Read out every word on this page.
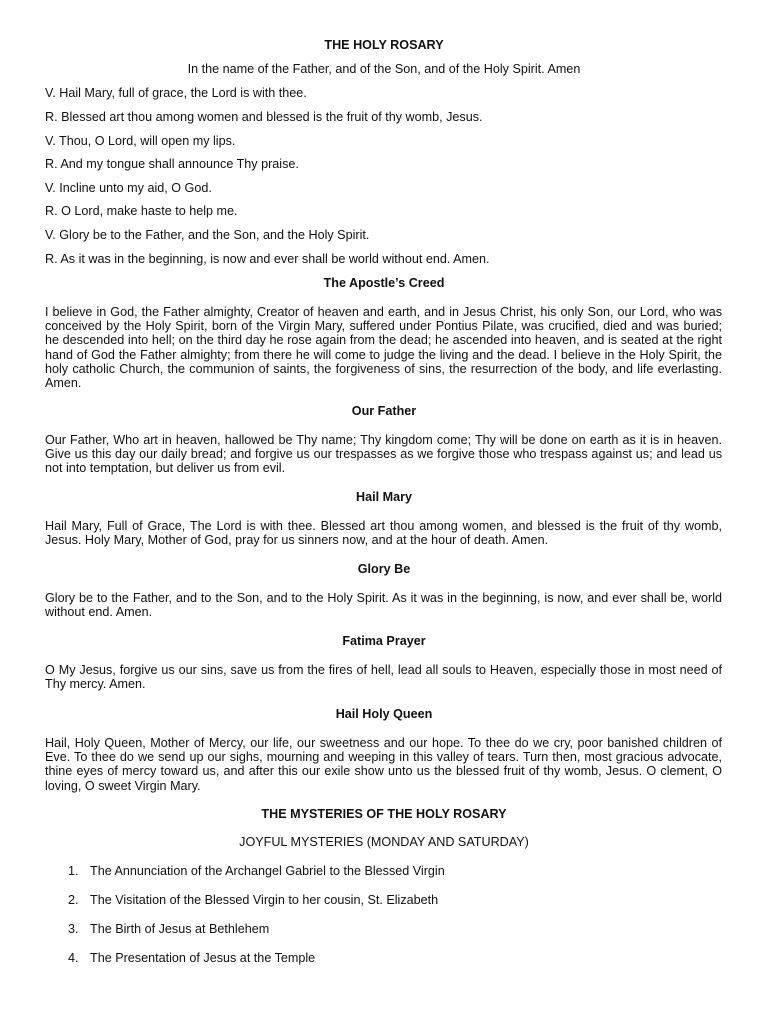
THE HOLY ROSARY
In the name of the Father, and of the Son, and of the Holy Spirit. Amen
V. Hail Mary, full of grace, the Lord is with thee.
R. Blessed art thou among women and blessed is the fruit of thy womb, Jesus.
V. Thou, O Lord, will open my lips.
R. And my tongue shall announce Thy praise.
V. Incline unto my aid, O God.
R. O Lord, make haste to help me.
V. Glory be to the Father, and the Son, and the Holy Spirit.
R. As it was in the beginning, is now and ever shall be world without end. Amen.
The Apostle’s Creed

I believe in God, the Father almighty, Creator of heaven and earth, and in Jesus Christ, his only Son, our Lord, who was conceived by the Holy Spirit, born of the Virgin Mary, suffered under Pontius Pilate, was crucified, died and was buried; he descended into hell; on the third day he rose again from the dead; he ascended into heaven, and is seated at the right hand of God the Father almighty; from there he will come to judge the living and the dead. I believe in the Holy Spirit, the holy catholic Church, the communion of saints, the forgiveness of sins, the resurrection of the body, and life everlasting. Amen.

Our Father

Our Father, Who art in heaven, hallowed be Thy name; Thy kingdom come; Thy will be done on earth as it is in heaven. Give us this day our daily bread; and forgive us our trespasses as we forgive those who trespass against us; and lead us not into temptation, but deliver us from evil.

Hail Mary

Hail Mary, Full of Grace, The Lord is with thee. Blessed art thou among women, and blessed is the fruit of thy womb, Jesus. Holy Mary, Mother of God, pray for us sinners now, and at the hour of death. Amen.

Glory Be

Glory be to the Father, and to the Son, and to the Holy Spirit. As it was in the beginning, is now, and ever shall be, world without end. Amen.

Fatima Prayer

O My Jesus, forgive us our sins, save us from the fires of hell, lead all souls to Heaven, especially those in most need of Thy mercy. Amen.

Hail Holy Queen

Hail, Holy Queen, Mother of Mercy, our life, our sweetness and our hope. To thee do we cry, poor banished children of Eve. To thee do we send up our sighs, mourning and weeping in this valley of tears. Turn then, most gracious advocate, thine eyes of mercy toward us, and after this our exile show unto us the blessed fruit of thy womb, Jesus. O clement, O loving, O sweet Virgin Mary.

THE MYSTERIES OF THE HOLY ROSARY
JOYFUL MYSTERIES (MONDAY AND SATURDAY)
1. The Annunciation of the Archangel Gabriel to the Blessed Virgin
2. The Visitation of the Blessed Virgin to her cousin, St. Elizabeth
3. The Birth of Jesus at Bethlehem
4. The Presentation of Jesus at the Temple
